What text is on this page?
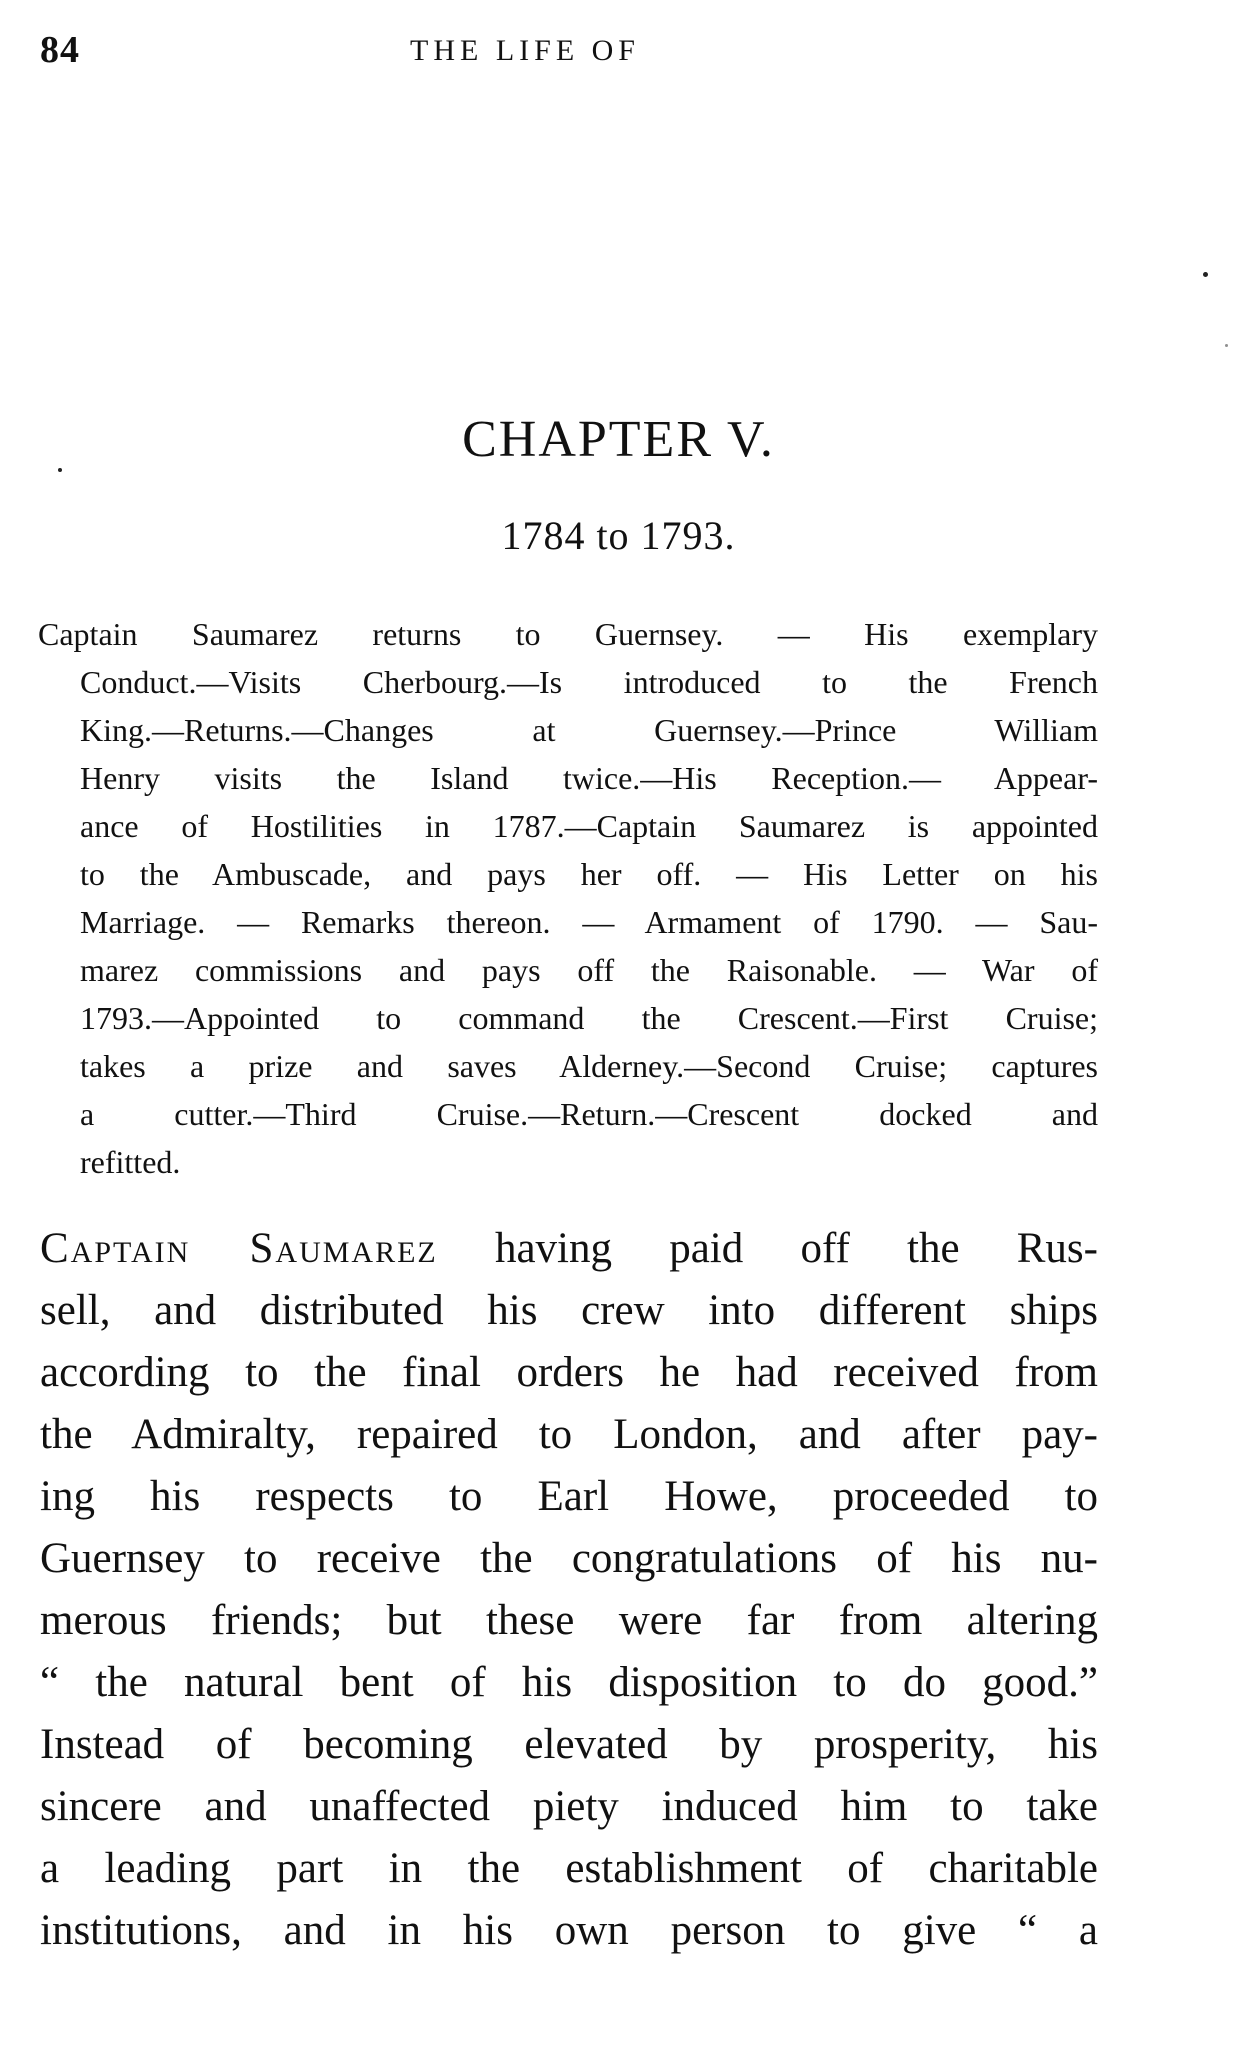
84	THE LIFE OF
CHAPTER V.
1784 to 1793.
Captain Saumarez returns to Guernsey. — His exemplary
Conduct.—Visits Cherbourg.—Is introduced to the French
King.—Returns.—Changes at Guernsey.—Prince William
Henry visits the Island twice.—His Reception.— Appear-
ance of Hostilities in 1787.—Captain Saumarez is appointed
to the Ambuscade, and pays her off. — His Letter on his
Marriage. — Remarks thereon. — Armament of 1790. — Sau-
marez commissions and pays off the Raisonable. — War of
1793.—Appointed to command the Crescent.—First Cruise;
takes a prize and saves Alderney.—Second Cruise; captures
a cutter.—Third Cruise.—Return.—Crescent docked and
refitted.
Captain Saumarez having paid off the Rus-
sell, and distributed his crew into different ships
according to the final orders he had received from
the Admiralty, repaired to London, and after pay-
ing his respects to Earl Howe, proceeded to
Guernsey to receive the congratulations of his nu-
merous friends; but these were far from altering
“ the natural bent of his disposition to do good.”
Instead of becoming elevated by prosperity, his
sincere and unaffected piety induced him to take
a leading part in the establishment of charitable
institutions, and in his own person to give “ a
